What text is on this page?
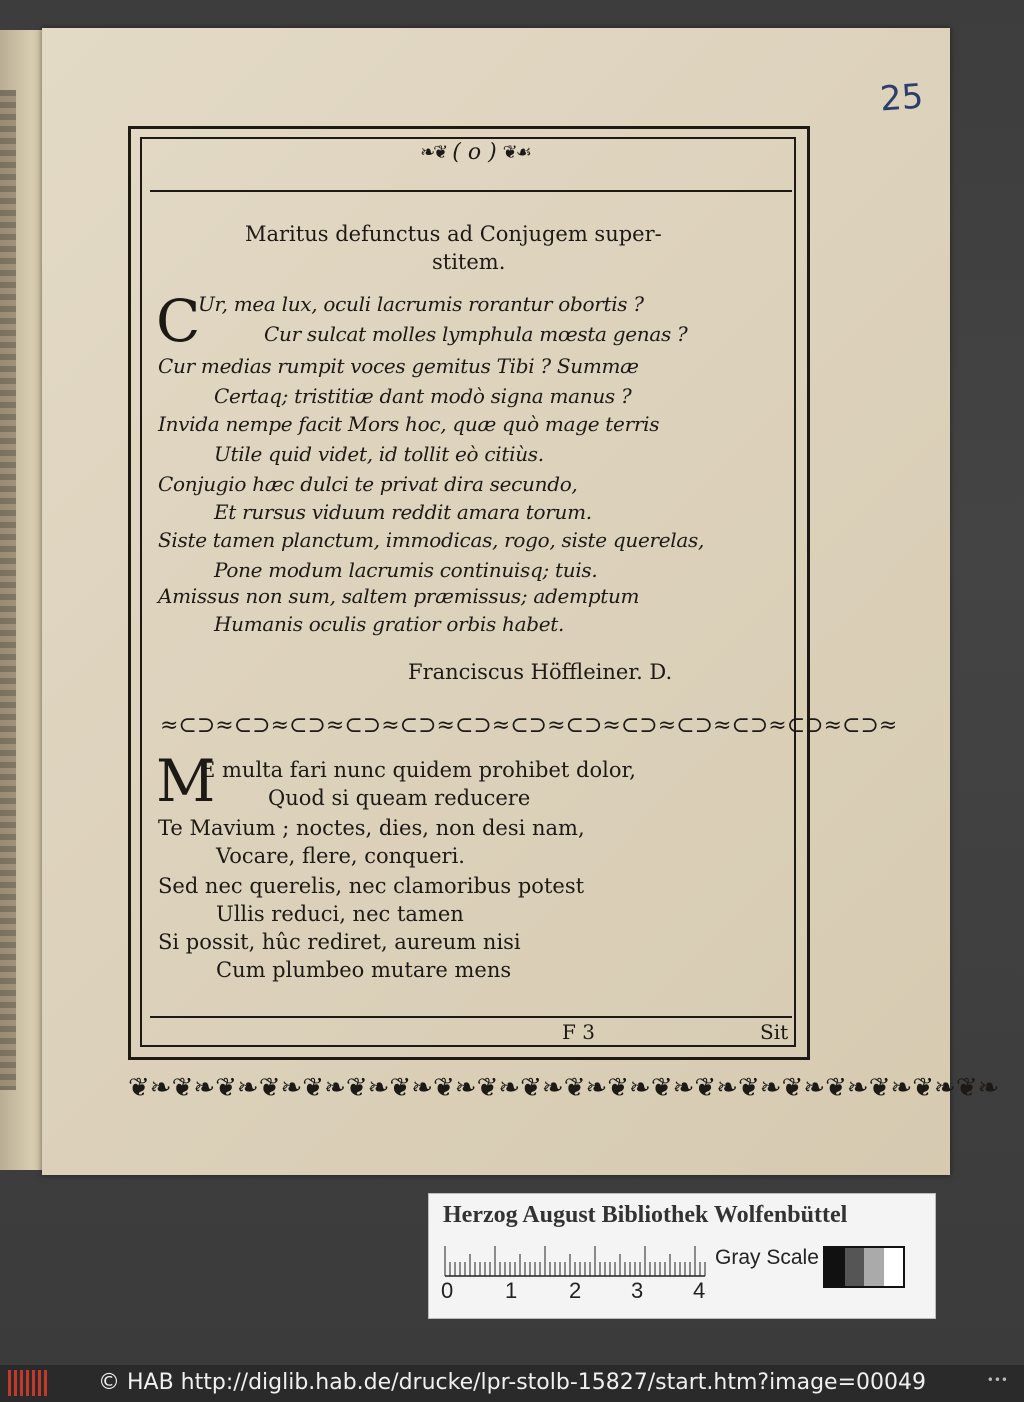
25
❧❦ ( o ) ❦☙
Maritus defunctus ad Conjugem super-
stitem.
C
Ur, mea lux, oculi lacrumis rorantur obortis ?
Cur sulcat molles lymphula mœsta genas ?
Cur medias rumpit voces gemitus Tibi ? Summæ
Certaq; tristitiæ dant modò signa manus ?
Invida nempe facit Mors hoc, quæ quò mage terris
Utile quid videt, id tollit eò citiùs.
Conjugio hæc dulci te privat dira secundo,
Et rursus viduum reddit amara torum.
Siste tamen planctum, immodicas, rogo, siste querelas,
Pone modum lacrumis continuisq; tuis.
Amissus non sum, saltem præmissus; ademptum
Humanis oculis gratior orbis habet.
Franciscus Höffleiner. D.
≈⊂⊃≈⊂⊃≈⊂⊃≈⊂⊃≈⊂⊃≈⊂⊃≈⊂⊃≈⊂⊃≈⊂⊃≈⊂⊃≈⊂⊃≈⊂⊃≈⊂⊃≈
M
E multa fari nunc quidem prohibet dolor,
Quod si queam reducere
Te Mavium ; noctes, dies, non desi nam,
Vocare, flere, conqueri.
Sed nec querelis, nec clamoribus potest
Ullis reduci, nec tamen
Si possit, hûc rediret, aureum nisi
Cum plumbeo mutare mens
F 3	Sit
❦❧❦❧❦❧❦❧❦❧❦❧❦❧❦❧❦❧❦❧❦❧❦❧❦❧❦❧❦❧❦❧❦❧❦❧❦❧❦❧
Herzog August Bibliothek Wolfenbüttel
0 1 2 3 4
Gray Scale
© HAB http://diglib.hab.de/drucke/lpr-stolb-15827/start.htm?image=00049	•••
